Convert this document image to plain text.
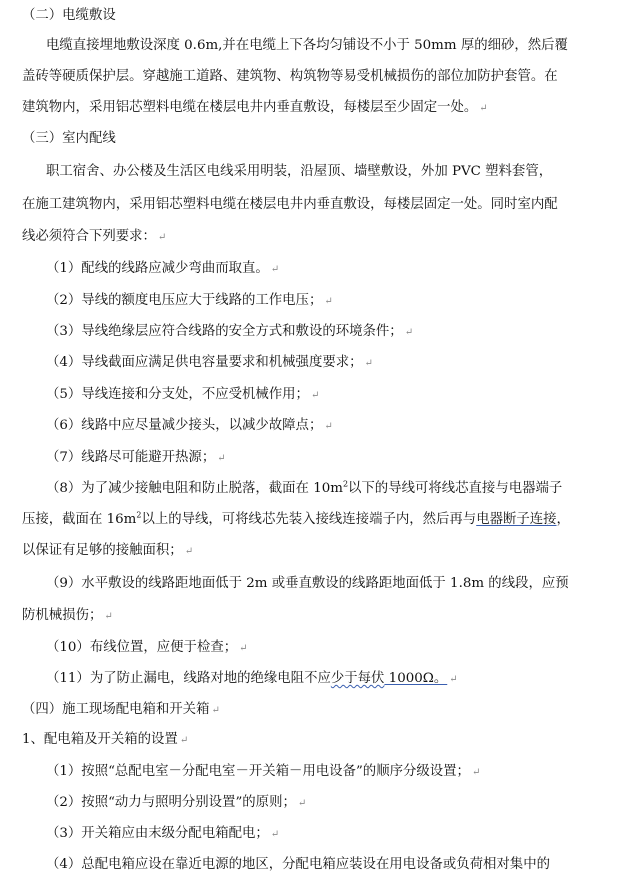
（二）电缆敷设
电缆直接埋地敷设深度 0.6m,并在电缆上下各均匀铺设不小于 50mm 厚的细砂，然后覆
盖砖等硬质保护层。穿越施工道路、建筑物、构筑物等易受机械损伤的部位加防护套管。在
建筑物内，采用铝芯塑料电缆在楼层电井内垂直敷设，每楼层至少固定一处。 ↵
（三）室内配线
职工宿舍、办公楼及生活区电线采用明装，沿屋顶、墙壁敷设，外加 PVC 塑料套管，
在施工建筑物内，采用铝芯塑料电缆在楼层电井内垂直敷设，每楼层固定一处。同时室内配
线必须符合下列要求： ↵
（1）配线的线路应减少弯曲而取直。 ↵
（2）导线的额度电压应大于线路的工作电压； ↵
（3）导线绝缘层应符合线路的安全方式和敷设的环境条件； ↵
（4）导线截面应满足供电容量要求和机械强度要求； ↵
（5）导线连接和分支处，不应受机械作用； ↵
（6）线路中应尽量减少接头，以减少故障点； ↵
（7）线路尽可能避开热源； ↵
（8）为了减少接触电阻和防止脱落，截面在 $10m^2$以下的导线可将线芯直接与电器端子
压接，截面在 $16m^2$以上的导线，可将线芯先装入接线连接端子内，然后再与电器断子连接，
以保证有足够的接触面积； ↵
（9）水平敷设的线路距地面低于 2m 或垂直敷设的线路距地面低于 1.8m 的线段，应预
防机械损伤； ↵
（10）布线位置，应便于检查； ↵
（11）为了防止漏电，线路对地的绝缘电阻不应少于每伏 1000Ω。 ↵
（四）施工现场配电箱和开关箱 ↵
1、配电箱及开关箱的设置 ↵
（1）按照“总配电室－分配电室－开关箱－用电设备”的顺序分级设置； ↵
（2）按照“动力与照明分别设置”的原则； ↵
（3）开关箱应由末级分配电箱配电； ↵
（4）总配电箱应设在靠近电源的地区，分配电箱应装设在用电设备或负荷相对集中的
